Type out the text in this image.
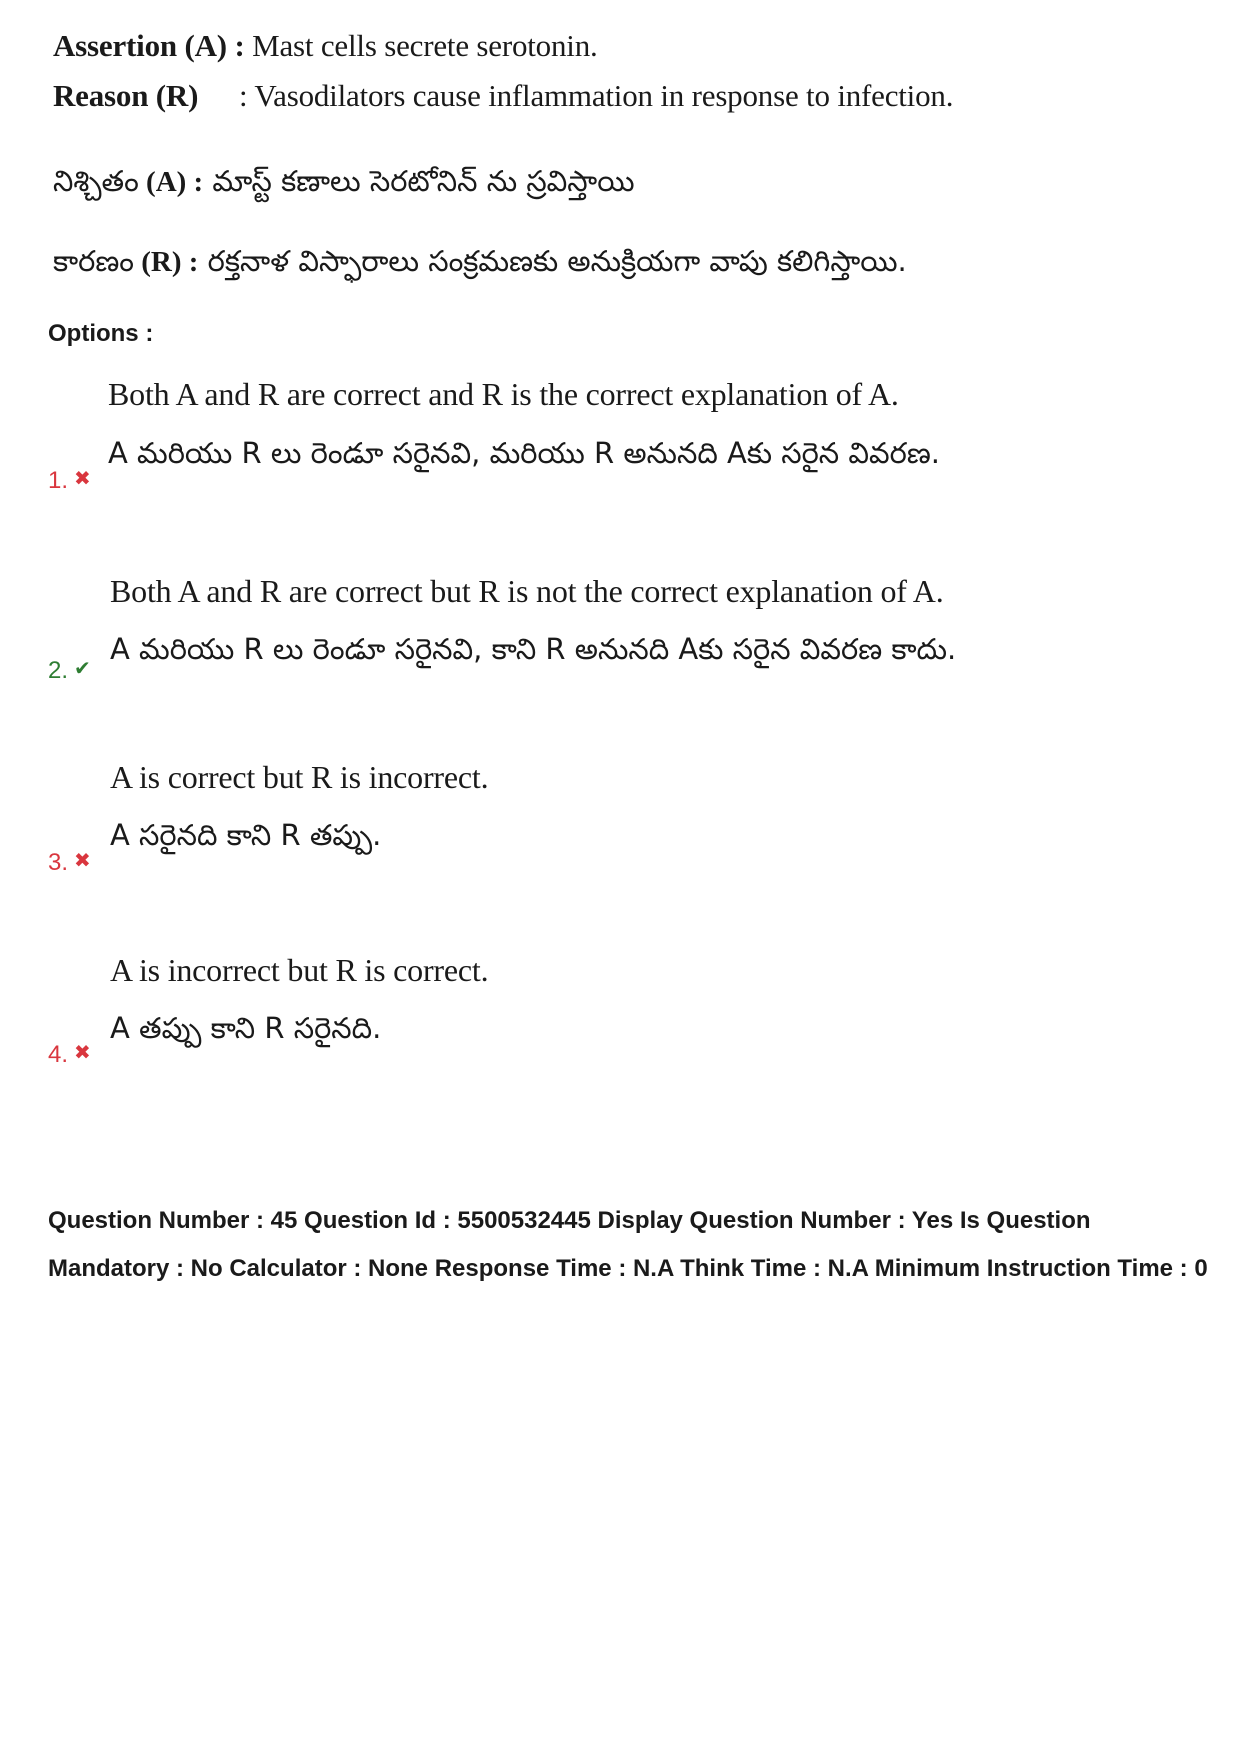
Assertion (A) : Mast cells secrete serotonin.
Reason (R) : Vasodilators cause inflammation in response to infection.
నిశ్చితం (A) : మాస్ట్ కణాలు సెరటోనిన్ ను స్రవిస్తాయి
కారణం (R) : రక్తనాళ విస్ఫారాలు సంక్రమణకు అనుక్రియగా వాపు కలిగిస్తాయి.
Options :
Both A and R are correct and R is the correct explanation of A.
A మరియు R లు రెండూ సరైనవి, మరియు R అనునది Aకు సరైన వివరణ.
1. ✖
Both A and R are correct but R is not the correct explanation of A.
A మరియు R లు రెండూ సరైనవి, కాని R అనునది Aకు సరైన వివరణ కాదు.
2. ✔
A is correct but R is incorrect.
A సరైనది కాని R తప్పు.
3. ✖
A is incorrect but R is correct.
A తప్పు కాని R సరైనది.
4. ✖
Question Number : 45 Question Id : 5500532445 Display Question Number : Yes Is Question Mandatory : No Calculator : None Response Time : N.A Think Time : N.A Minimum Instruction Time : 0
